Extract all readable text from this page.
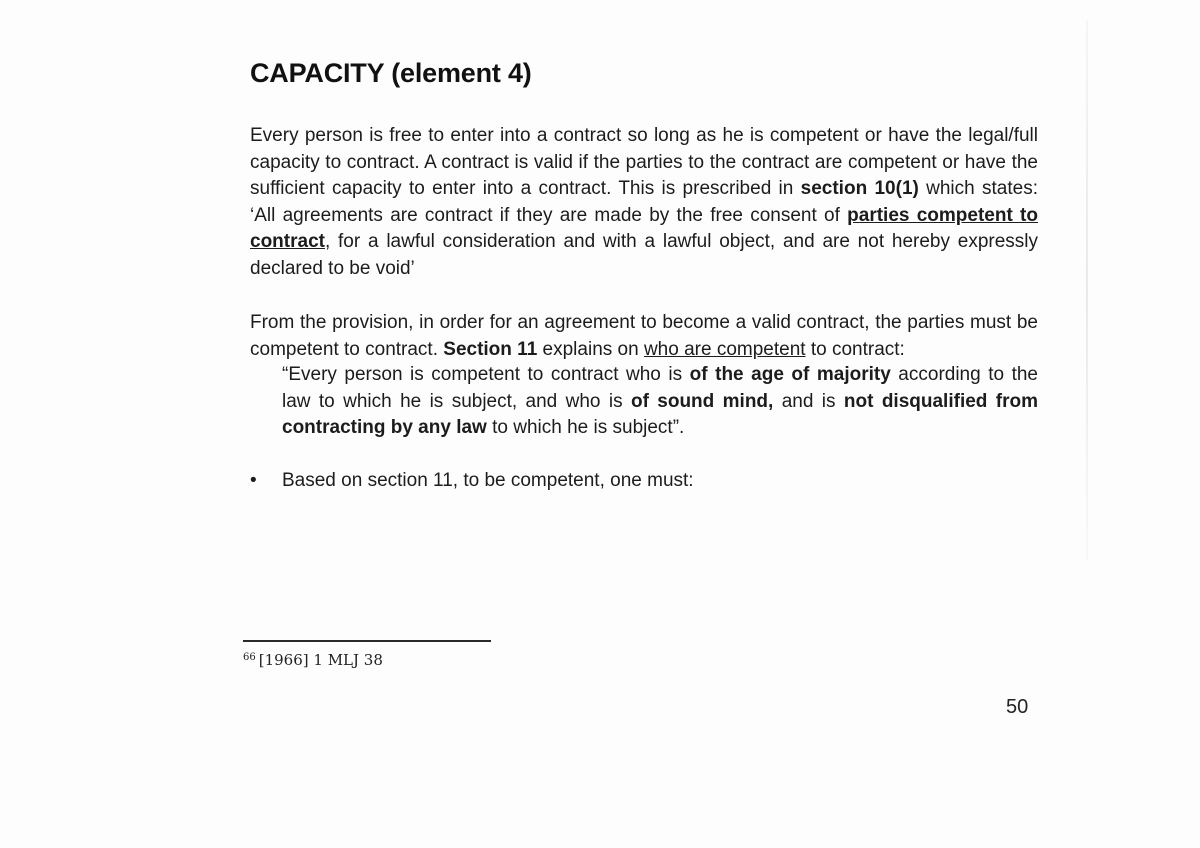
CAPACITY (element 4)

Every person is free to enter into a contract so long as he is competent or have the legal/full capacity to contract. A contract is valid if the parties to the contract are competent or have the sufficient capacity to enter into a contract. This is prescribed in section 10(1) which states: ‘All agreements are contract if they are made by the free consent of parties competent to contract, for a lawful consideration and with a lawful object, and are not hereby expressly declared to be void’

From the provision, in order for an agreement to become a valid contract, the parties must be competent to contract. Section 11 explains on who are competent to contract:

“Every person is competent to contract who is of the age of majority according to the law to which he is subject, and who is of sound mind, and is not disqualified from contracting by any law to which he is subject”.

• Based on section 11, to be competent, one must:
$^{66}$ [1966] 1 MLJ 38
50
